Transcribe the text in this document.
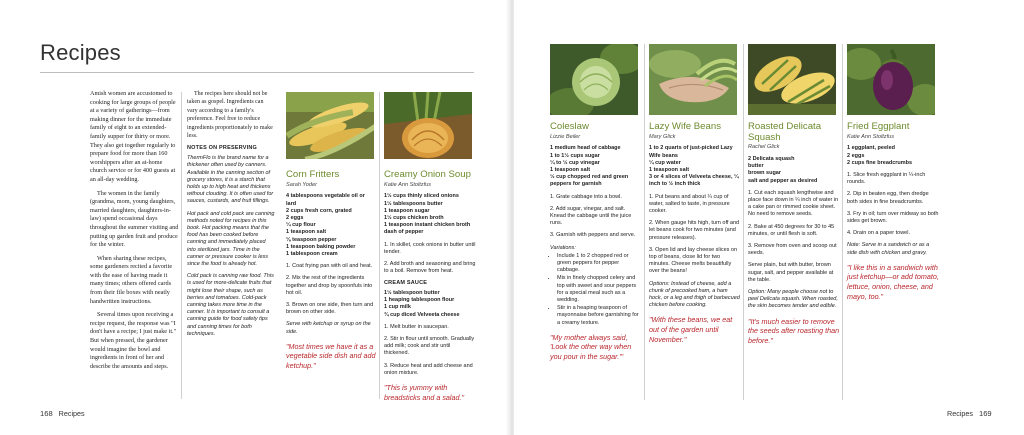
Recipes

Amish women are accustomed to cooking for large groups of people at a variety of gatherings—from making dinner for the immediate family of eight to an extended-family supper for thirty or more. They also get together regularly to prepare food for more than 160 worshippers after an at-home church service or for 400 guests at an all-day wedding.

The women in the family (grandma, mom, young daughters, married daughters, daughters-in-law) spend occasional days throughout the summer visiting and putting up garden fruit and produce for the winter.

When sharing these recipes, some gardeners recited a favorite with the ease of having made it many times; others offered cards from their file boxes with neatly handwritten instructions.

Several times upon receiving a recipe request, the response was "I don't have a recipe; I just make it." But when pressed, the gardener would imagine the bowl and ingredients in front of her and describe the amounts and steps.

The recipes here should not be taken as gospel. Ingredients can vary according to a family's preference. Feel free to reduce ingredients proportionately to make less.

NOTES ON PRESERVING

ThermFlo is the brand name for a thickener often used by canners. Available in the canning section of grocery stores, it is a starch that holds up to high heat and thickens without clouding. It is often used for sauces, custards, and fruit fillings.

Hot pack and cold pack are canning methods noted for recipes in this book. Hot packing means that the food has been cooked before canning and immediately placed into sterilized jars. Time in the canner or pressure cooker is less since the food is already hot.

Cold pack is canning raw food. This is used for more-delicate fruits that might lose their shape, such as berries and tomatoes. Cold-pack canning takes more time in the canner. It is important to consult a canning guide for food safety tips and canning times for both techniques.

Corn Fritters
Sarah Yoder
4 tablespoons vegetable oil or lard
2 cups fresh corn, grated
2 eggs
¼ cup flour
1 teaspoon salt
⅛ teaspoon pepper
1 teaspoon baking powder
1 tablespoon cream

1. Coat frying pan with oil and heat.

2. Mix the rest of the ingredients together and drop by spoonfuls into hot oil.

3. Brown on one side, then turn and brown on other side.

Serve with ketchup or syrup on the side.

"Most times we have it as a vegetable side dish and add ketchup."
Creamy Onion Soup
Katie Ann Stoltzfus
1½ cups thinly sliced onions
1½ tablespoons butter
1 teaspoon sugar
1½ cups chicken broth
1 teaspoon instant chicken broth
dash of pepper

1. In skillet, cook onions in butter until tender.

2. Add broth and seasoning and bring to a boil. Remove from heat.

CREAM SAUCE
1½ tablespoon butter
1 heaping tablespoon flour
1 cup milk
¾ cup diced Velveeta cheese

1. Melt butter in saucepan.

2. Stir in flour until smooth. Gradually add milk; cook and stir until thickened.

3. Reduce heat and add cheese and onion mixture.

"This is yummy with breadsticks and a salad."
168 Recipes
Coleslaw
Lizzie Beiler
1 medium head of cabbage
1 to 1½ cups sugar
¼ to ½ cup vinegar
1 teaspoon salt
½ cup chopped red and green peppers for garnish

1. Grate cabbage into a bowl.

2. Add sugar, vinegar, and salt. Knead the cabbage until the juice runs.

3. Garnish with peppers and serve.

Variations:

• Include 1 to 2 chopped red or green peppers for pepper cabbage.
• Mix in finely chopped celery and top with sweet and sour peppers for a special meal such as a wedding.
• Stir in a heaping teaspoon of mayonnaise before garnishing for a creamy texture.
"My mother always said, 'Look the other way when you pour in the sugar.'"
Lazy Wife Beans
Mary Glick
1 to 2 quarts of just-picked Lazy Wife beans
¼ cup water
1 teaspoon salt
3 or 4 slices of Velveeta cheese, ¼ inch to ½ inch thick

1. Put beans and about ¼ cup of water, salted to taste, in pressure cooker.

2. When gauge hits high, turn off and let beans cook for two minutes (and pressure releases).

3. Open lid and lay cheese slices on top of beans, close lid for two minutes. Cheese melts beautifully over the beans!

Options: Instead of cheese, add a chunk of precooked ham, a ham hock, or a leg and thigh of barbecued chicken before cooking.

"With these beans, we eat out of the garden until November."
Roasted Delicata Squash
Rachel Glick
2 Delicata squash
butter
brown sugar
salt and pepper as desired

1. Cut each squash lengthwise and place face down in ¼ inch of water in a cake pan or rimmed cookie sheet. No need to remove seeds.

2. Bake at 450 degrees for 30 to 45 minutes, or until flesh is soft.

3. Remove from oven and scoop out seeds.

Serve plain, but with butter, brown sugar, salt, and pepper available at the table.

Option: Many people choose not to peel Delicata squash. When roasted, the skin becomes tender and edible.

"It's much easier to remove the seeds after roasting than before."
Fried Eggplant
Katie Ann Stoltzfus
1 eggplant, peeled
2 eggs
2 cups fine breadcrumbs

1. Slice fresh eggplant in ¼-inch rounds.

2. Dip in beaten egg, then dredge both sides in fine breadcrumbs.

3. Fry in oil; turn over midway so both sides get brown.

4. Drain on a paper towel.

Note: Serve in a sandwich or as a side dish with chicken and gravy.

"I like this in a sandwich with just ketchup—or add tomato, lettuce, onion, cheese, and mayo, too."
Recipes 169
